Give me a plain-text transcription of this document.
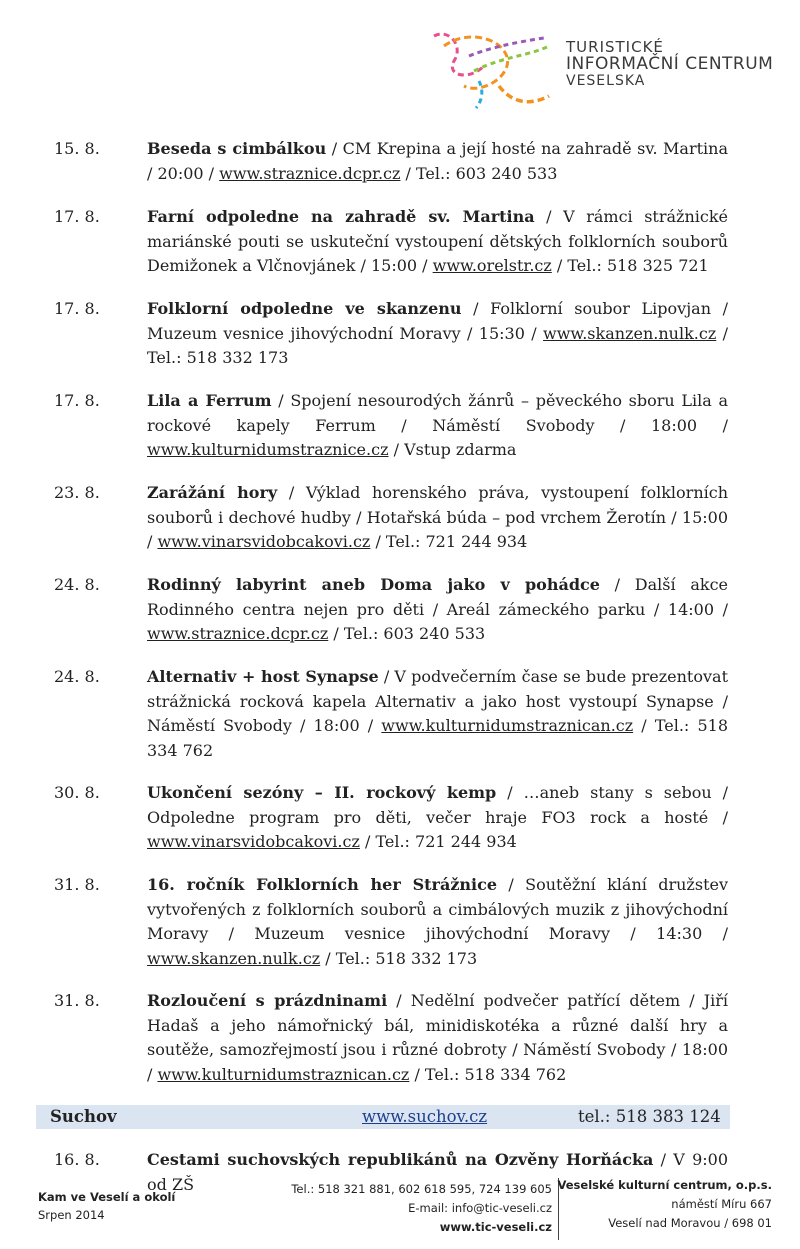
TURISTICKÉ
INFORMAČNÍ CENTRUM
VESELSKA
15. 8.	Beseda s cimbálkou / CM Krepina a její hosté na zahradě sv. Martina / 20:00 / www.straznice.dcpr.cz / Tel.: 603 240 533
17. 8.	Farní odpoledne na zahradě sv. Martina / V rámci strážnické mariánské pouti se uskuteční vystoupení dětských folklorních souborů Demižonek a Vlčnovjánek / 15:00 / www.orelstr.cz / Tel.: 518 325 721
17. 8.	Folklorní odpoledne ve skanzenu / Folklorní soubor Lipovjan / Muzeum vesnice jihovýchodní Moravy / 15:30 / www.skanzen.nulk.cz / Tel.: 518 332 173
17. 8.	Lila a Ferrum / Spojení nesourodých žánrů – pěveckého sboru Lila a rockové kapely Ferrum / Náměstí Svobody / 18:00 / www.kulturnidumstraznice.cz / Vstup zdarma
23. 8.	Zarážání hory / Výklad horenského práva, vystoupení folklorních souborů i dechové hudby / Hotařská búda – pod vrchem Žerotín / 15:00 / www.vinarsvidobcakovi.cz / Tel.: 721 244 934
24. 8.	Rodinný labyrint aneb Doma jako v pohádce / Další akce Rodinného centra nejen pro děti / Areál zámeckého parku / 14:00 / www.straznice.dcpr.cz / Tel.: 603 240 533
24. 8.	Alternativ + host Synapse / V podvečerním čase se bude prezentovat strážnická rocková kapela Alternativ a jako host vystoupí Synapse / Náměstí Svobody / 18:00 / www.kulturnidumstraznican.cz / Tel.: 518 334 762
30. 8.	Ukončení sezóny – II. rockový kemp / …aneb stany s sebou / Odpoledne program pro děti, večer hraje FO3 rock a hosté / www.vinarsvidobcakovi.cz / Tel.: 721 244 934
31. 8.	16. ročník Folklorních her Strážnice / Soutěžní klání družstev vytvořených z folklorních souborů a cimbálových muzik z jihovýchodní Moravy / Muzeum vesnice jihovýchodní Moravy / 14:30 / www.skanzen.nulk.cz / Tel.: 518 332 173
31. 8.	Rozloučení s prázdninami / Nedělní podvečer patřící dětem / Jiří Hadaš a jeho námořnický bál, minidiskotéka a různé další hry a soutěže, samozřejmostí jsou i různé dobroty / Náměstí Svobody / 18:00 / www.kulturnidumstraznican.cz / Tel.: 518 334 762
Suchov	www.suchov.cz	tel.: 518 383 124
16. 8.	Cestami suchovských republikánů na Ozvěny Horňácka / V 9:00 od ZŠ
Kam ve Veselí a okolí
Srpen 2014
Tel.: 518 321 881, 602 618 595, 724 139 605
E-mail: info@tic-veseli.cz
www.tic-veseli.cz
Veselské kulturní centrum, o.p.s.
náměstí Míru 667
Veselí nad Moravou / 698 01
